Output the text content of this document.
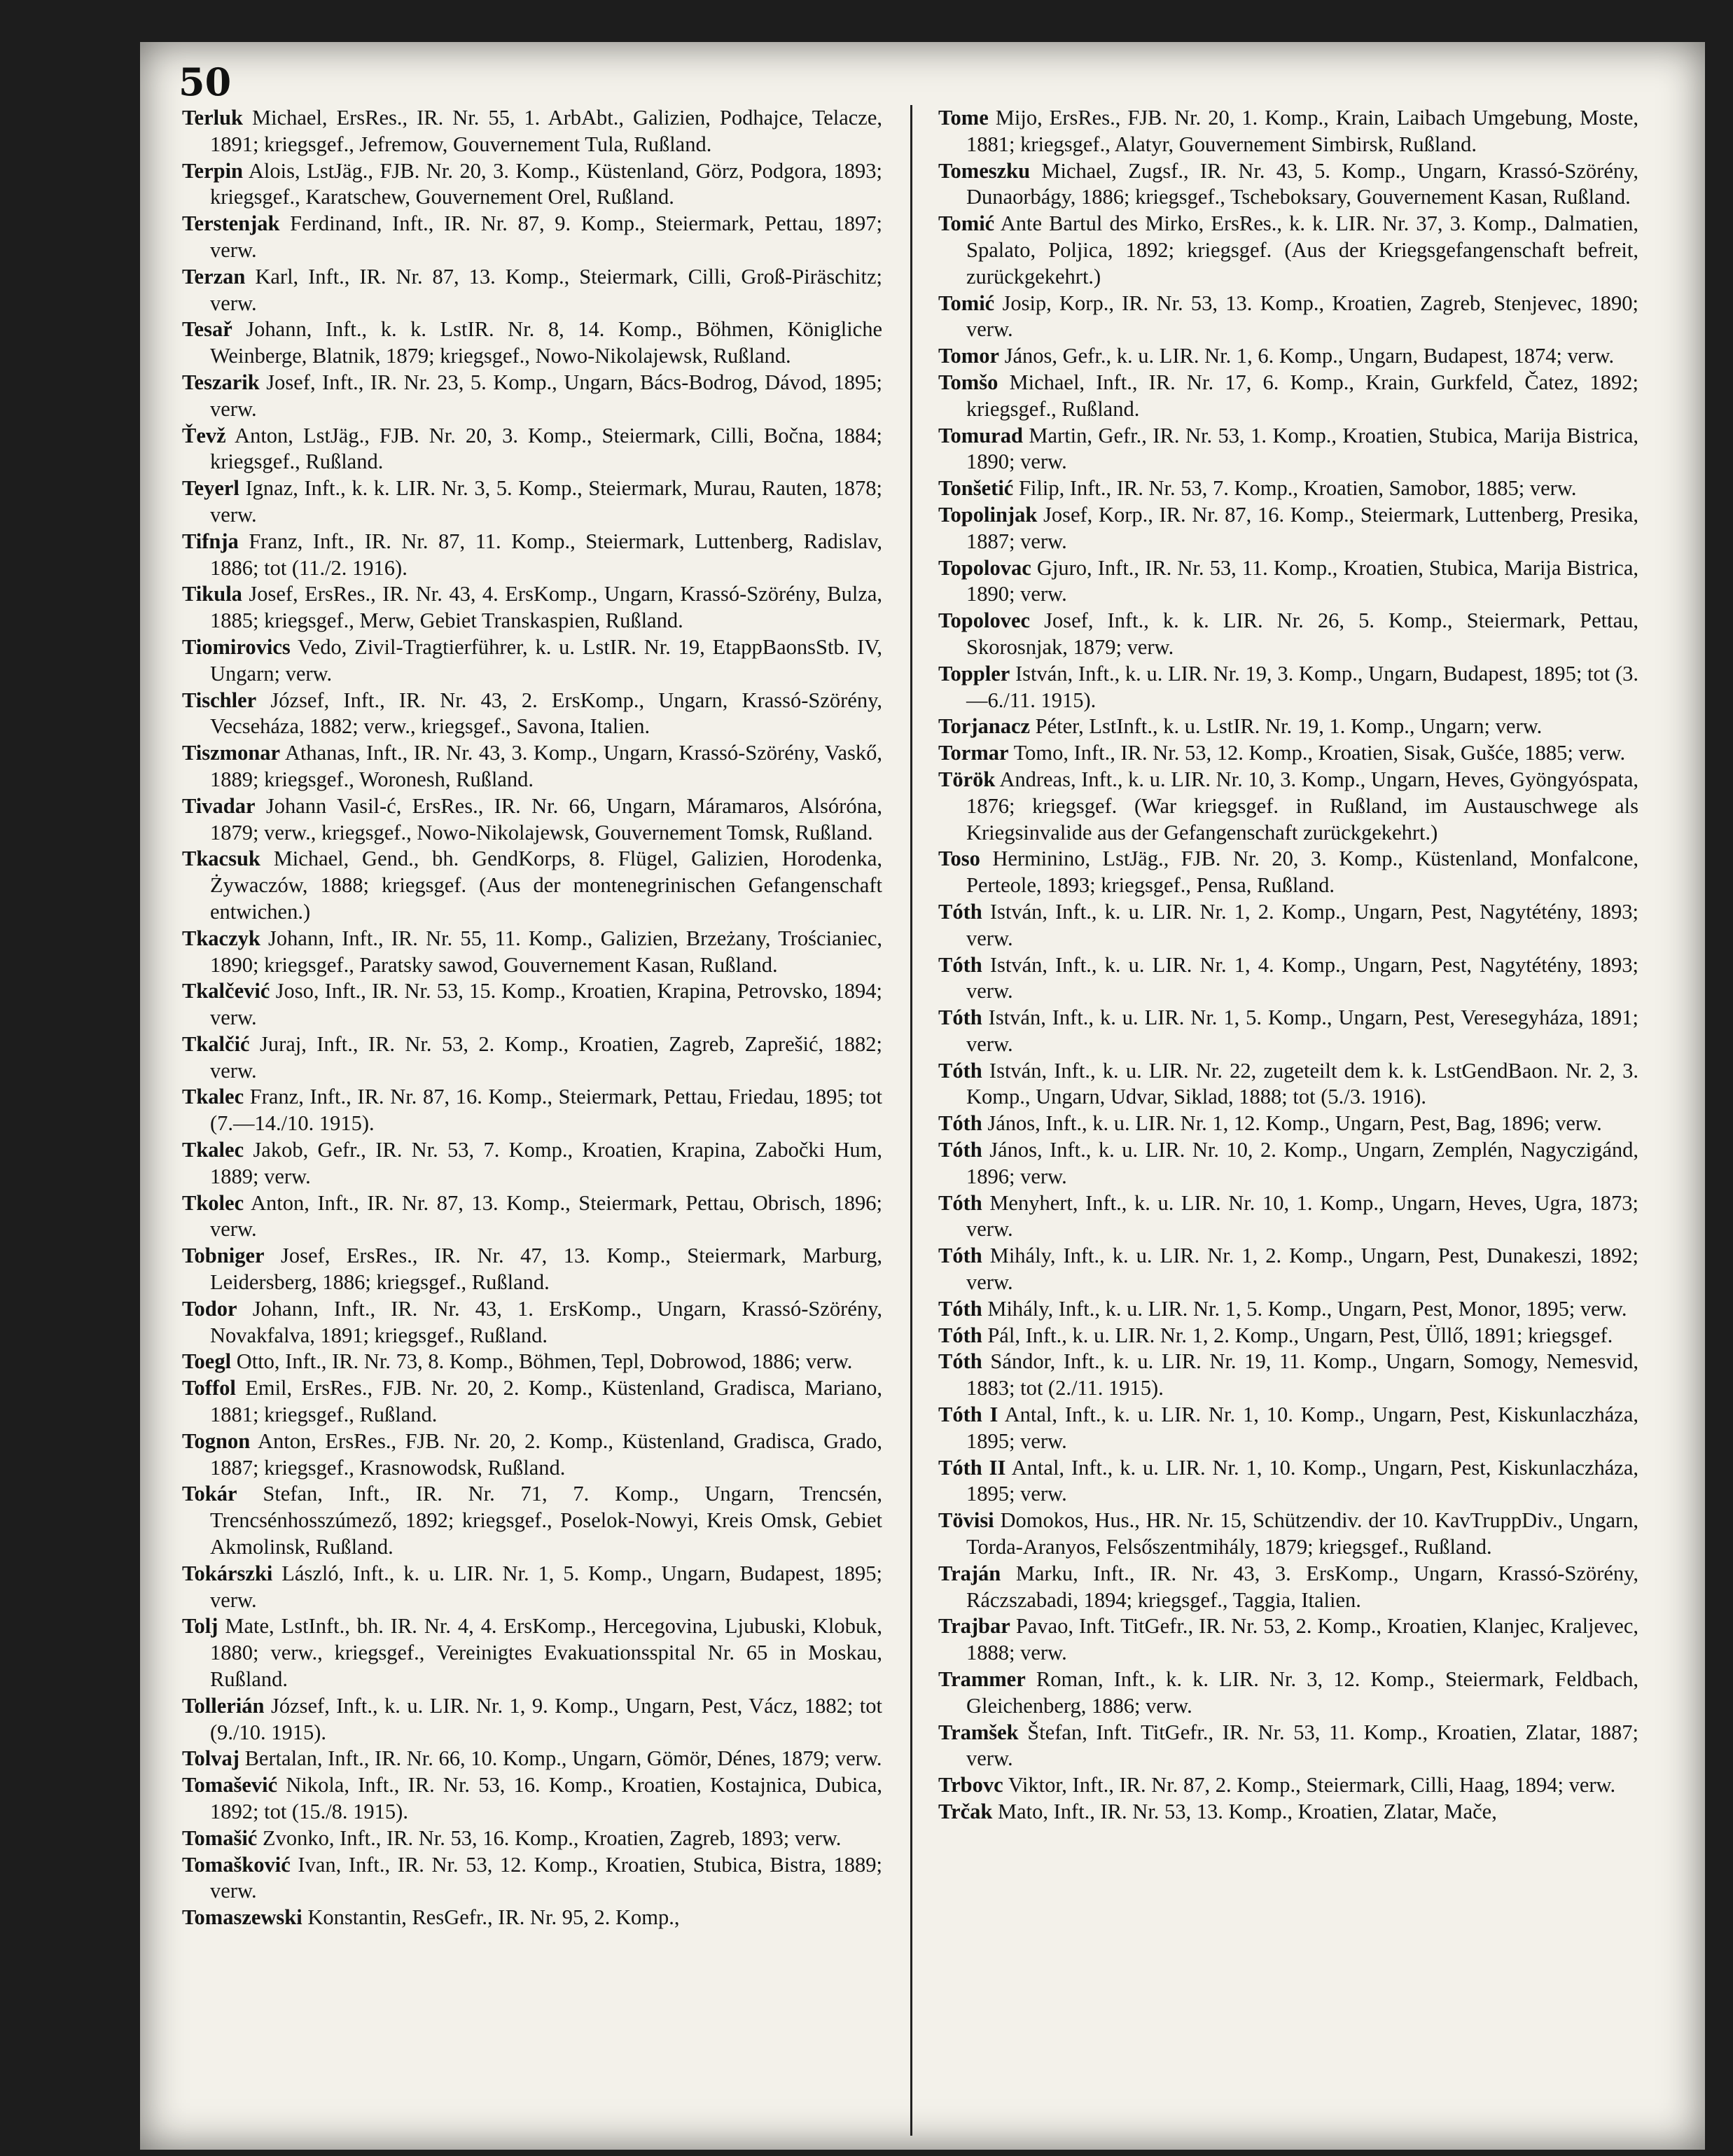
50
Terluk Michael, ErsRes., IR. Nr. 55, 1. ArbAbt., Galizien, Podhajce, Telacze, 1891; kriegsgef., Jefremow, Gouvernement Tula, Rußland.
Terpin Alois, LstJäg., FJB. Nr. 20, 3. Komp., Küstenland, Görz, Podgora, 1893; kriegsgef., Karatschew, Gouvernement Orel, Rußland.
Terstenjak Ferdinand, Inft., IR. Nr. 87, 9. Komp., Steiermark, Pettau, 1897; verw.
Terzan Karl, Inft., IR. Nr. 87, 13. Komp., Steiermark, Cilli, Groß-Piräschitz; verw.
Tesař Johann, Inft., k. k. LstIR. Nr. 8, 14. Komp., Böhmen, Königliche Weinberge, Blatnik, 1879; kriegsgef., Nowo-Nikolajewsk, Rußland.
Teszarik Josef, Inft., IR. Nr. 23, 5. Komp., Ungarn, Bács-Bodrog, Dávod, 1895; verw.
Ťevž Anton, LstJäg., FJB. Nr. 20, 3. Komp., Steiermark, Cilli, Bočna, 1884; kriegsgef., Rußland.
Teyerl Ignaz, Inft., k. k. LIR. Nr. 3, 5. Komp., Steiermark, Murau, Rauten, 1878; verw.
Tifnja Franz, Inft., IR. Nr. 87, 11. Komp., Steiermark, Luttenberg, Radislav, 1886; tot (11./2. 1916).
Tikula Josef, ErsRes., IR. Nr. 43, 4. ErsKomp., Ungarn, Krassó-Szörény, Bulza, 1885; kriegsgef., Merw, Gebiet Transkaspien, Rußland.
Tiomirovics Vedo, Zivil-Tragtierführer, k. u. LstIR. Nr. 19, EtappBaonsStb. IV, Ungarn; verw.
Tischler József, Inft., IR. Nr. 43, 2. ErsKomp., Ungarn, Krassó-Szörény, Vecseháza, 1882; verw., kriegsgef., Savona, Italien.
Tiszmonar Athanas, Inft., IR. Nr. 43, 3. Komp., Ungarn, Krassó-Szörény, Vaskő, 1889; kriegsgef., Woronesh, Rußland.
Tivadar Johann Vasil-ć, ErsRes., IR. Nr. 66, Ungarn, Máramaros, Alsóróna, 1879; verw., kriegsgef., Nowo-Nikolajewsk, Gouvernement Tomsk, Rußland.
Tkacsuk Michael, Gend., bh. GendKorps, 8. Flügel, Galizien, Horodenka, Żywaczów, 1888; kriegsgef. (Aus der montenegrinischen Gefangenschaft entwichen.)
Tkaczyk Johann, Inft., IR. Nr. 55, 11. Komp., Galizien, Brzeżany, Trościaniec, 1890; kriegsgef., Paratsky sawod, Gouvernement Kasan, Rußland.
Tkalčević Joso, Inft., IR. Nr. 53, 15. Komp., Kroatien, Krapina, Petrovsko, 1894; verw.
Tkalčić Juraj, Inft., IR. Nr. 53, 2. Komp., Kroatien, Zagreb, Zaprešić, 1882; verw.
Tkalec Franz, Inft., IR. Nr. 87, 16. Komp., Steiermark, Pettau, Friedau, 1895; tot (7.—14./10. 1915).
Tkalec Jakob, Gefr., IR. Nr. 53, 7. Komp., Kroatien, Krapina, Zabočki Hum, 1889; verw.
Tkolec Anton, Inft., IR. Nr. 87, 13. Komp., Steiermark, Pettau, Obrisch, 1896; verw.
Tobniger Josef, ErsRes., IR. Nr. 47, 13. Komp., Steiermark, Marburg, Leidersberg, 1886; kriegsgef., Rußland.
Todor Johann, Inft., IR. Nr. 43, 1. ErsKomp., Ungarn, Krassó-Szörény, Novakfalva, 1891; kriegsgef., Rußland.
Toegl Otto, Inft., IR. Nr. 73, 8. Komp., Böhmen, Tepl, Dobrowod, 1886; verw.
Toffol Emil, ErsRes., FJB. Nr. 20, 2. Komp., Küstenland, Gradisca, Mariano, 1881; kriegsgef., Rußland.
Tognon Anton, ErsRes., FJB. Nr. 20, 2. Komp., Küstenland, Gradisca, Grado, 1887; kriegsgef., Krasnowodsk, Rußland.
Tokár Stefan, Inft., IR. Nr. 71, 7. Komp., Ungarn, Trencsén, Trencsénhosszúmező, 1892; kriegsgef., Poselok-Nowyi, Kreis Omsk, Gebiet Akmolinsk, Rußland.
Tokárszki László, Inft., k. u. LIR. Nr. 1, 5. Komp., Ungarn, Budapest, 1895; verw.
Tolj Mate, LstInft., bh. IR. Nr. 4, 4. ErsKomp., Hercegovina, Ljubuski, Klobuk, 1880; verw., kriegsgef., Vereinigtes Evakuationsspital Nr. 65 in Moskau, Rußland.
Tollerián József, Inft., k. u. LIR. Nr. 1, 9. Komp., Ungarn, Pest, Vácz, 1882; tot (9./10. 1915).
Tolvaj Bertalan, Inft., IR. Nr. 66, 10. Komp., Ungarn, Gömör, Dénes, 1879; verw.
Tomašević Nikola, Inft., IR. Nr. 53, 16. Komp., Kroatien, Kostajnica, Dubica, 1892; tot (15./8. 1915).
Tomašić Zvonko, Inft., IR. Nr. 53, 16. Komp., Kroatien, Zagreb, 1893; verw.
Tomašković Ivan, Inft., IR. Nr. 53, 12. Komp., Kroatien, Stubica, Bistra, 1889; verw.
Tomaszewski Konstantin, ResGefr., IR. Nr. 95, 2. Komp.,
Tome Mijo, ErsRes., FJB. Nr. 20, 1. Komp., Krain, Laibach Umgebung, Moste, 1881; kriegsgef., Alatyr, Gouvernement Simbirsk, Rußland.
Tomeszku Michael, Zugsf., IR. Nr. 43, 5. Komp., Ungarn, Krassó-Szörény, Dunaorbágy, 1886; kriegsgef., Tscheboksary, Gouvernement Kasan, Rußland.
Tomić Ante Bartul des Mirko, ErsRes., k. k. LIR. Nr. 37, 3. Komp., Dalmatien, Spalato, Poljica, 1892; kriegsgef. (Aus der Kriegsgefangenschaft befreit, zurückgekehrt.)
Tomić Josip, Korp., IR. Nr. 53, 13. Komp., Kroatien, Zagreb, Stenjevec, 1890; verw.
Tomor János, Gefr., k. u. LIR. Nr. 1, 6. Komp., Ungarn, Budapest, 1874; verw.
Tomšo Michael, Inft., IR. Nr. 17, 6. Komp., Krain, Gurkfeld, Čatez, 1892; kriegsgef., Rußland.
Tomurad Martin, Gefr., IR. Nr. 53, 1. Komp., Kroatien, Stubica, Marija Bistrica, 1890; verw.
Tonšetić Filip, Inft., IR. Nr. 53, 7. Komp., Kroatien, Samobor, 1885; verw.
Topolinjak Josef, Korp., IR. Nr. 87, 16. Komp., Steiermark, Luttenberg, Presika, 1887; verw.
Topolovac Gjuro, Inft., IR. Nr. 53, 11. Komp., Kroatien, Stubica, Marija Bistrica, 1890; verw.
Topolovec Josef, Inft., k. k. LIR. Nr. 26, 5. Komp., Steiermark, Pettau, Skorosnjak, 1879; verw.
Toppler István, Inft., k. u. LIR. Nr. 19, 3. Komp., Ungarn, Budapest, 1895; tot (3.—6./11. 1915).
Torjanacz Péter, LstInft., k. u. LstIR. Nr. 19, 1. Komp., Ungarn; verw.
Tormar Tomo, Inft., IR. Nr. 53, 12. Komp., Kroatien, Sisak, Gušće, 1885; verw.
Török Andreas, Inft., k. u. LIR. Nr. 10, 3. Komp., Ungarn, Heves, Gyöngyóspata, 1876; kriegsgef. (War kriegsgef. in Rußland, im Austauschwege als Kriegsinvalide aus der Gefangenschaft zurückgekehrt.)
Toso Herminino, LstJäg., FJB. Nr. 20, 3. Komp., Küstenland, Monfalcone, Perteole, 1893; kriegsgef., Pensa, Rußland.
Tóth István, Inft., k. u. LIR. Nr. 1, 2. Komp., Ungarn, Pest, Nagytétény, 1893; verw.
Tóth István, Inft., k. u. LIR. Nr. 1, 4. Komp., Ungarn, Pest, Nagytétény, 1893; verw.
Tóth István, Inft., k. u. LIR. Nr. 1, 5. Komp., Ungarn, Pest, Veresegyháza, 1891; verw.
Tóth István, Inft., k. u. LIR. Nr. 22, zugeteilt dem k. k. LstGendBaon. Nr. 2, 3. Komp., Ungarn, Udvar, Siklad, 1888; tot (5./3. 1916).
Tóth János, Inft., k. u. LIR. Nr. 1, 12. Komp., Ungarn, Pest, Bag, 1896; verw.
Tóth János, Inft., k. u. LIR. Nr. 10, 2. Komp., Ungarn, Zemplén, Nagyczigánd, 1896; verw.
Tóth Menyhert, Inft., k. u. LIR. Nr. 10, 1. Komp., Ungarn, Heves, Ugra, 1873; verw.
Tóth Mihály, Inft., k. u. LIR. Nr. 1, 2. Komp., Ungarn, Pest, Dunakeszi, 1892; verw.
Tóth Mihály, Inft., k. u. LIR. Nr. 1, 5. Komp., Ungarn, Pest, Monor, 1895; verw.
Tóth Pál, Inft., k. u. LIR. Nr. 1, 2. Komp., Ungarn, Pest, Üllő, 1891; kriegsgef.
Tóth Sándor, Inft., k. u. LIR. Nr. 19, 11. Komp., Ungarn, Somogy, Nemesvid, 1883; tot (2./11. 1915).
Tóth I Antal, Inft., k. u. LIR. Nr. 1, 10. Komp., Ungarn, Pest, Kiskunlaczháza, 1895; verw.
Tóth II Antal, Inft., k. u. LIR. Nr. 1, 10. Komp., Ungarn, Pest, Kiskunlaczháza, 1895; verw.
Tövisi Domokos, Hus., HR. Nr. 15, Schützendiv. der 10. KavTruppDiv., Ungarn, Torda-Aranyos, Felsőszentmihály, 1879; kriegsgef., Rußland.
Traján Marku, Inft., IR. Nr. 43, 3. ErsKomp., Ungarn, Krassó-Szörény, Ráczszabadi, 1894; kriegsgef., Taggia, Italien.
Trajbar Pavao, Inft. TitGefr., IR. Nr. 53, 2. Komp., Kroatien, Klanjec, Kraljevec, 1888; verw.
Trammer Roman, Inft., k. k. LIR. Nr. 3, 12. Komp., Steiermark, Feldbach, Gleichenberg, 1886; verw.
Tramšek Štefan, Inft. TitGefr., IR. Nr. 53, 11. Komp., Kroatien, Zlatar, 1887; verw.
Trbovc Viktor, Inft., IR. Nr. 87, 2. Komp., Steiermark, Cilli, Haag, 1894; verw.
Trčak Mato, Inft., IR. Nr. 53, 13. Komp., Kroatien, Zlatar, Mače,
